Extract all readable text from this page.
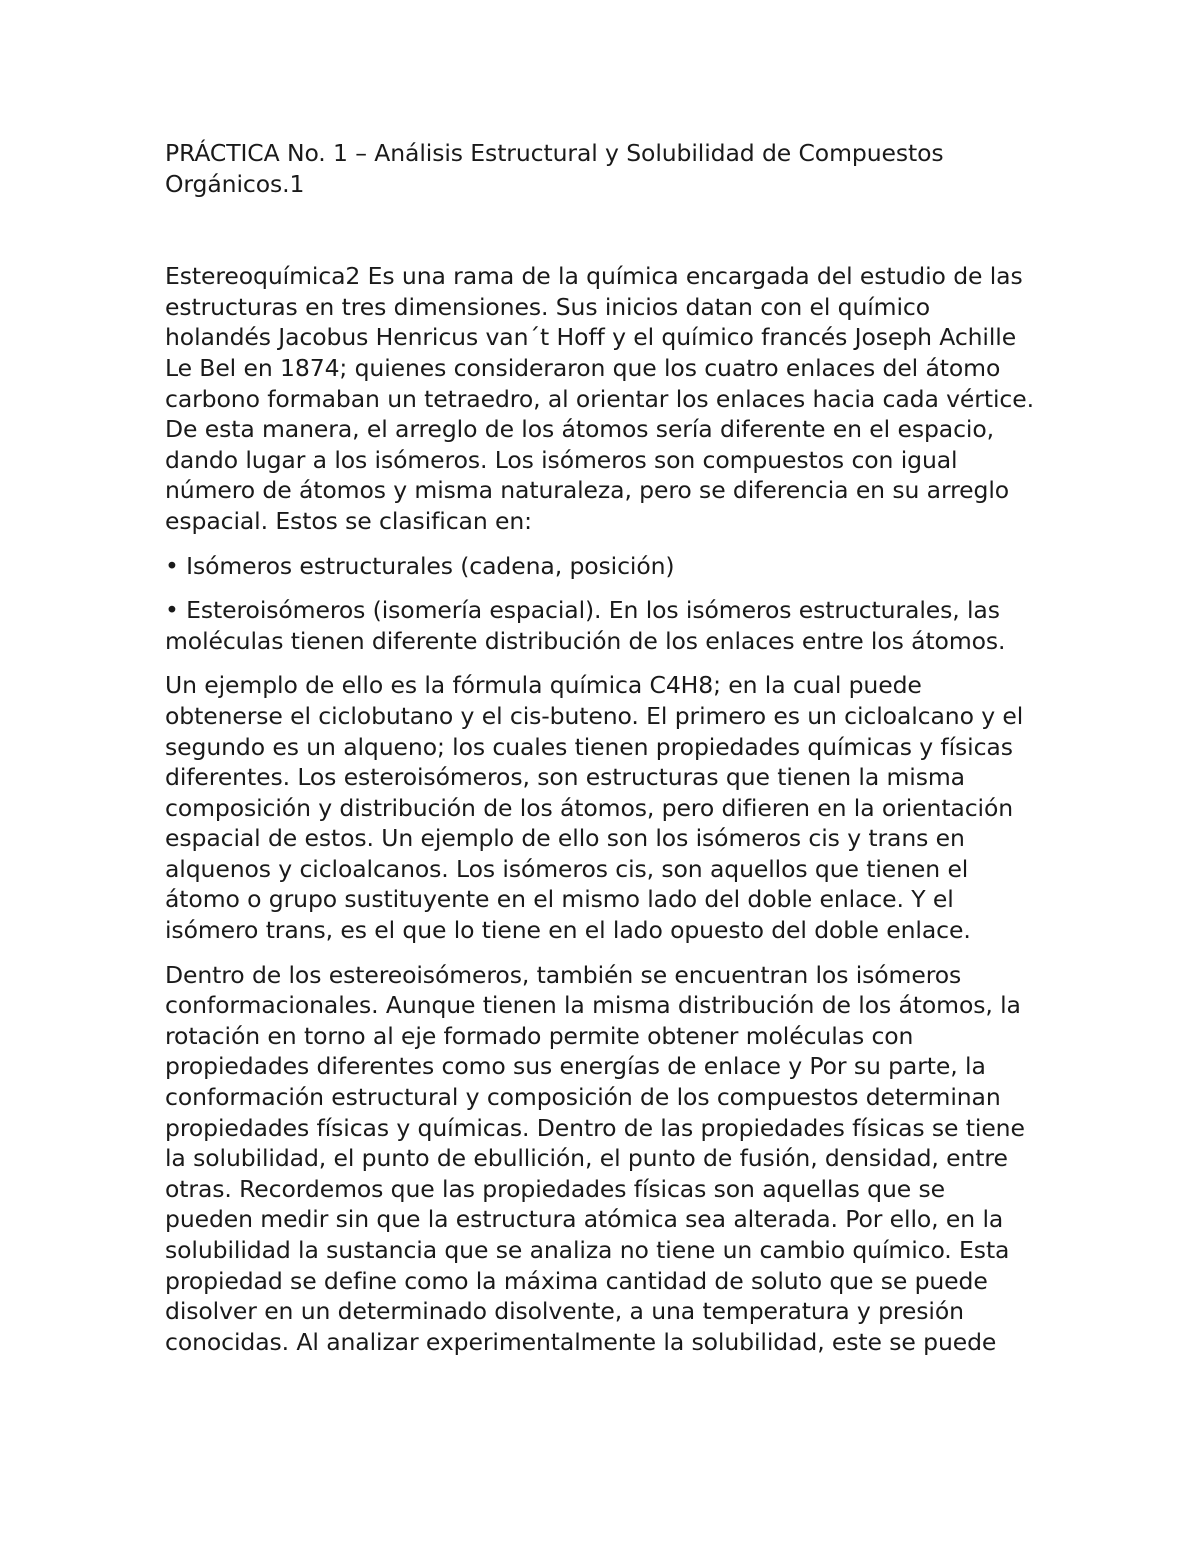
PRÁCTICA No. 1 – Análisis Estructural y Solubilidad de Compuestos Orgánicos.1

Estereoquímica2 Es una rama de la química encargada del estudio de las estructuras en tres dimensiones. Sus inicios datan con el químico holandés Jacobus Henricus van´t Hoff y el químico francés Joseph Achille Le Bel en 1874; quienes consideraron que los cuatro enlaces del átomo carbono formaban un tetraedro, al orientar los enlaces hacia cada vértice. De esta manera, el arreglo de los átomos sería diferente en el espacio, dando lugar a los isómeros. Los isómeros son compuestos con igual número de átomos y misma naturaleza, pero se diferencia en su arreglo espacial. Estos se clasifican en:

• Isómeros estructurales (cadena, posición)

• Esteroisómeros (isomería espacial). En los isómeros estructurales, las moléculas tienen diferente distribución de los enlaces entre los átomos.

Un ejemplo de ello es la fórmula química C4H8; en la cual puede obtenerse el ciclobutano y el cis-buteno. El primero es un cicloalcano y el segundo es un alqueno; los cuales tienen propiedades químicas y físicas diferentes. Los esteroisómeros, son estructuras que tienen la misma composición y distribución de los átomos, pero difieren en la orientación espacial de estos. Un ejemplo de ello son los isómeros cis y trans en alquenos y cicloalcanos. Los isómeros cis, son aquellos que tienen el átomo o grupo sustituyente en el mismo lado del doble enlace. Y el isómero trans, es el que lo tiene en el lado opuesto del doble enlace.

Dentro de los estereoisómeros, también se encuentran los isómeros conformacionales. Aunque tienen la misma distribución de los átomos, la rotación en torno al eje formado permite obtener moléculas con propiedades diferentes como sus energías de enlace y Por su parte, la conformación estructural y composición de los compuestos determinan propiedades físicas y químicas. Dentro de las propiedades físicas se tiene la solubilidad, el punto de ebullición, el punto de fusión, densidad, entre otras. Recordemos que las propiedades físicas son aquellas que se pueden medir sin que la estructura atómica sea alterada. Por ello, en la solubilidad la sustancia que se analiza no tiene un cambio químico. Esta propiedad se define como la máxima cantidad de soluto que se puede disolver en un determinado disolvente, a una temperatura y presión conocidas. Al analizar experimentalmente la solubilidad, este se puede
